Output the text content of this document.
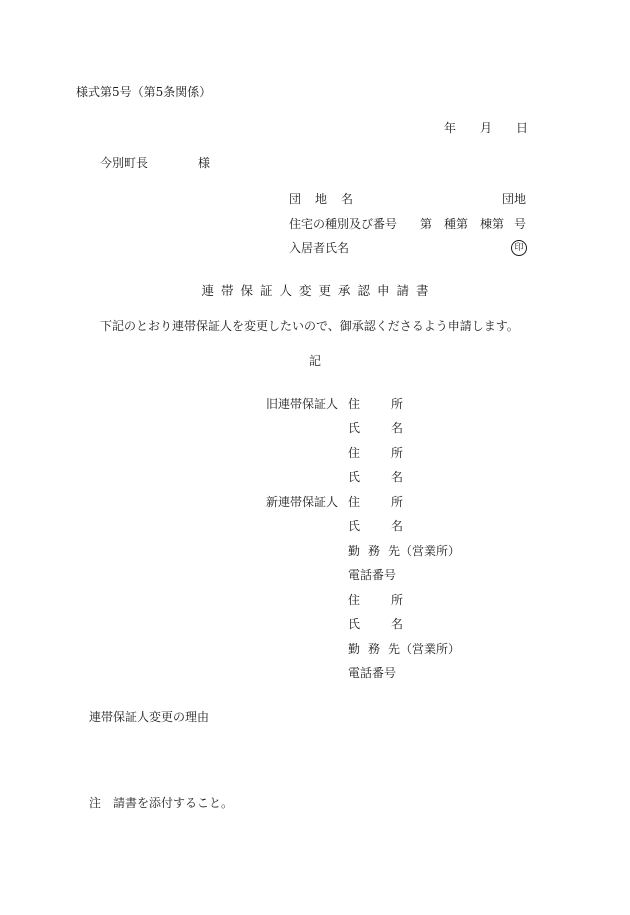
様式第5号（第5条関係）
年 月 日
今別町長	様
団地名	団地
住宅の種別及び番号 第 種第 棟第 号
入居者氏名	印
連帯保証人変更承認申請書
下記のとおり連帯保証人を変更したいので、御承認くださるよう申請します。
記
旧連帯保証人 住	所
氏	名
住	所
氏	名
新連帯保証人 住	所
氏	名
勤 務 先（営業所）
電話番号
住	所
氏	名
勤 務 先（営業所）
電話番号
連帯保証人変更の理由
注 請書を添付すること。
